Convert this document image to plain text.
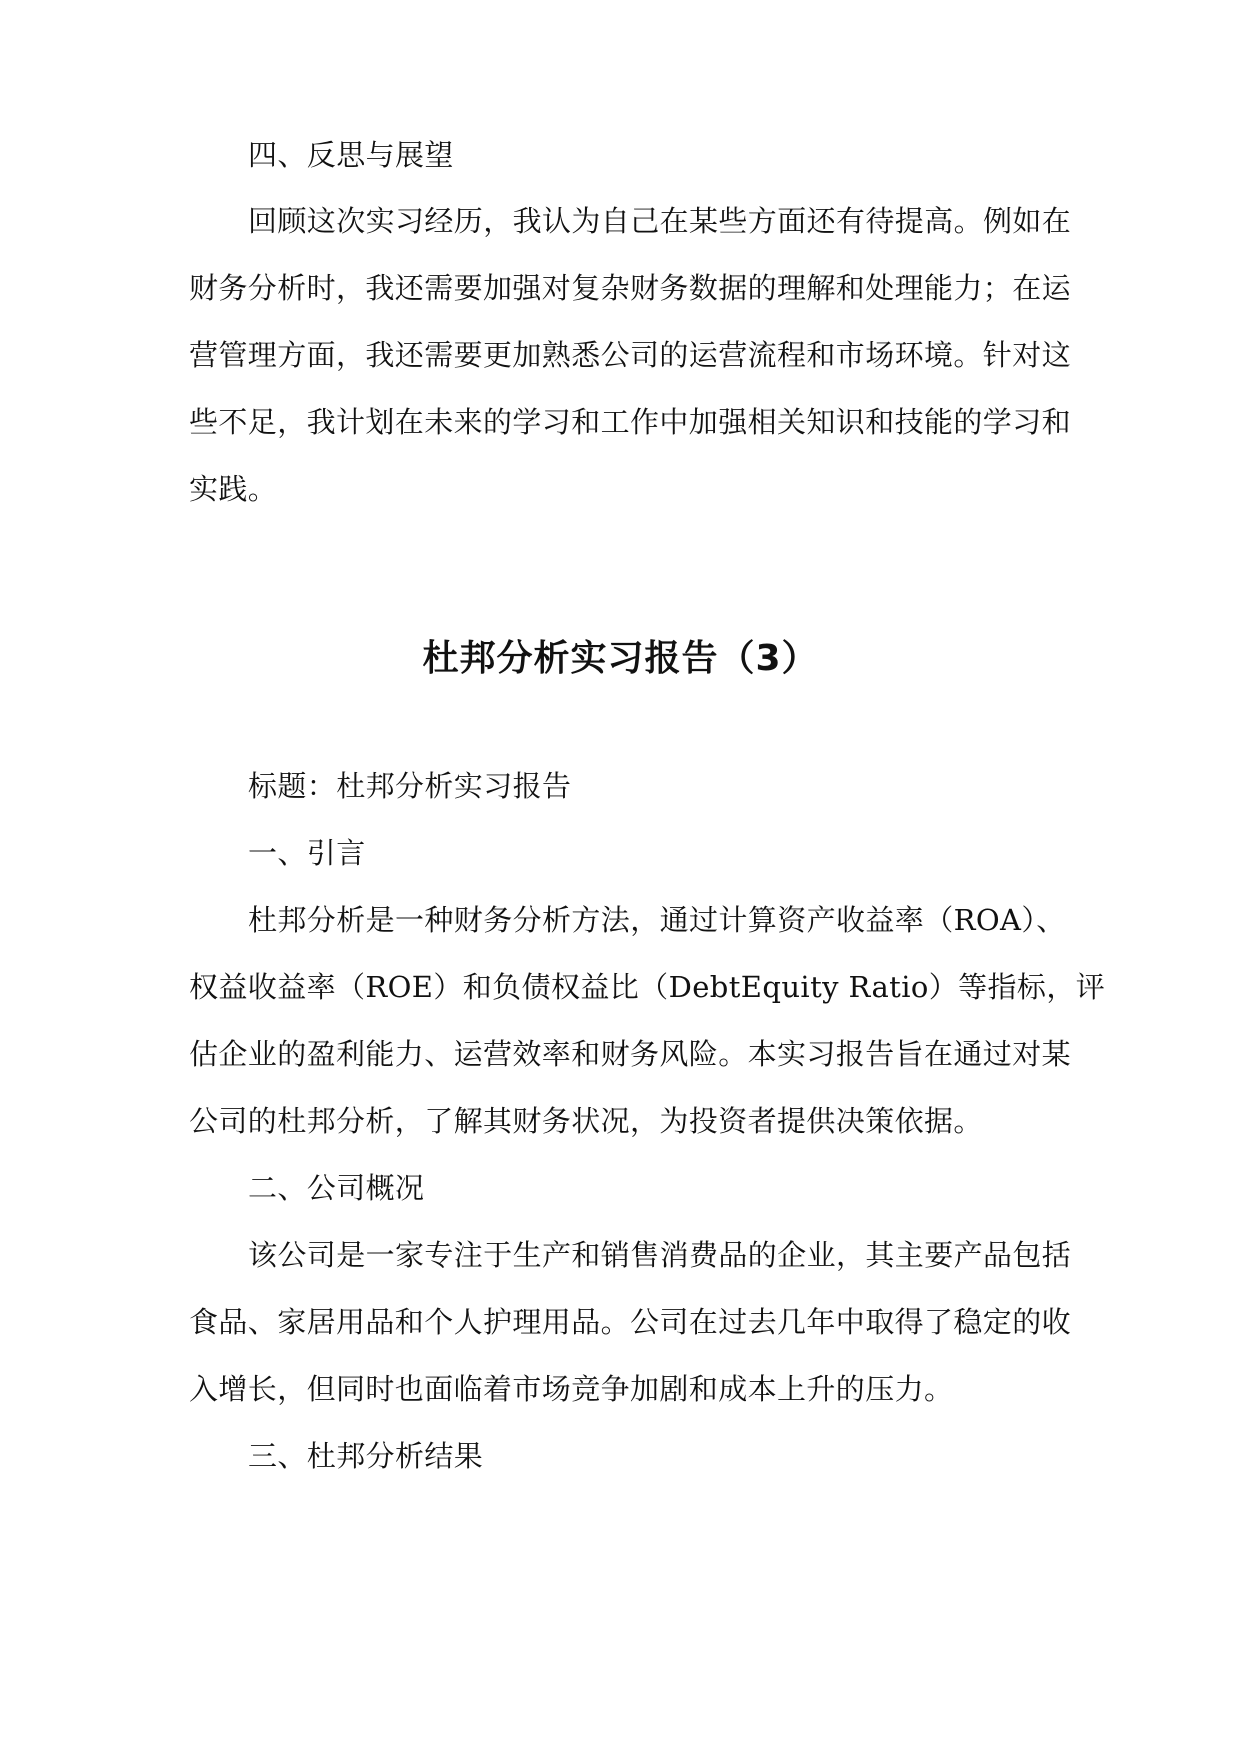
四、反思与展望
回顾这次实习经历，我认为自己在某些方面还有待提高。例如在
财务分析时，我还需要加强对复杂财务数据的理解和处理能力；在运
营管理方面，我还需要更加熟悉公司的运营流程和市场环境。针对这
些不足，我计划在未来的学习和工作中加强相关知识和技能的学习和
实践。
杜邦分析实习报告（3）
标题：杜邦分析实习报告
一、引言
杜邦分析是一种财务分析方法，通过计算资产收益率（ROA）、
权益收益率（ROE）和负债权益比（DebtEquity Ratio）等指标，评
估企业的盈利能力、运营效率和财务风险。本实习报告旨在通过对某
公司的杜邦分析，了解其财务状况，为投资者提供决策依据。
二、公司概况
该公司是一家专注于生产和销售消费品的企业，其主要产品包括
食品、家居用品和个人护理用品。公司在过去几年中取得了稳定的收
入增长，但同时也面临着市场竞争加剧和成本上升的压力。
三、杜邦分析结果
